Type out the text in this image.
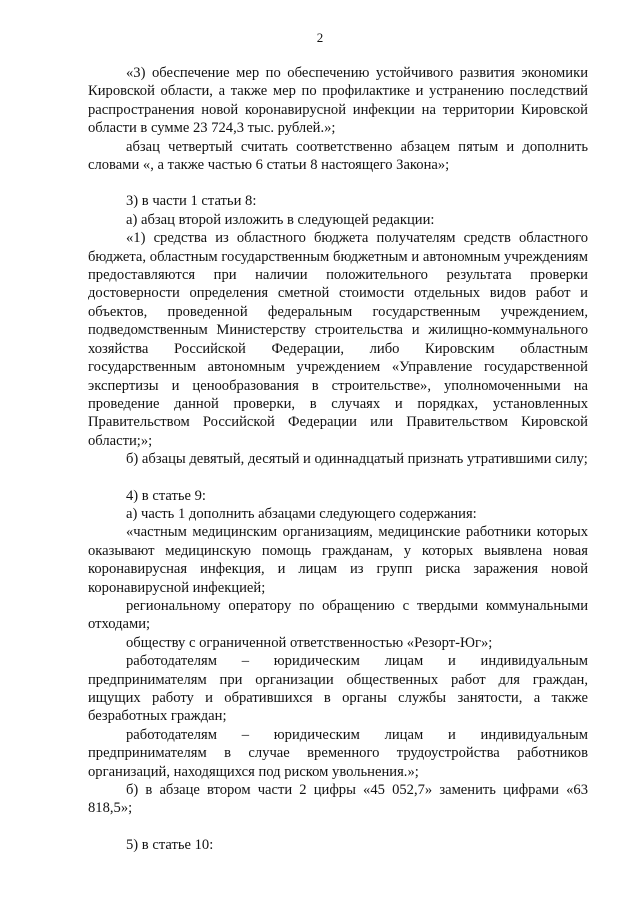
2

«3) обеспечение мер по обеспечению устойчивого развития экономики Кировской области, а также мер по профилактике и устранению последствий распространения новой коронавирусной инфекции на территории Кировской области в сумме 23 724,3 тыс. рублей.»;

абзац четвертый считать соответственно абзацем пятым и дополнить словами «, а также частью 6 статьи 8 настоящего Закона»;

3) в части 1 статьи 8:

а) абзац второй изложить в следующей редакции:

«1) средства из областного бюджета получателям средств областного бюджета, областным государственным бюджетным и автономным учреждениям предоставляются при наличии положительного результата проверки достоверности определения сметной стоимости отдельных видов работ и объектов, проведенной федеральным государственным учреждением, подведомственным Министерству строительства и жилищно-коммунального хозяйства Российской Федерации, либо Кировским областным государственным автономным учреждением «Управление государственной экспертизы и ценообразования в строительстве», уполномоченными на проведение данной проверки, в случаях и порядках, установленных Правительством Российской Федерации или Правительством Кировской области;»;

б) абзацы девятый, десятый и одиннадцатый признать утратившими силу;

4) в статье 9:

а) часть 1 дополнить абзацами следующего содержания:

«частным медицинским организациям, медицинские работники которых оказывают медицинскую помощь гражданам, у которых выявлена новая коронавирусная инфекция, и лицам из групп риска заражения новой коронавирусной инфекцией;

региональному оператору по обращению с твердыми коммунальными отходами;

обществу с ограниченной ответственностью «Резорт-Юг»;

работодателям – юридическим лицам и индивидуальным предпринимателям при организации общественных работ для граждан, ищущих работу и обратившихся в органы службы занятости, а также безработных граждан;

работодателям – юридическим лицам и индивидуальным предпринимателям в случае временного трудоустройства работников организаций, находящихся под риском увольнения.»;

б) в абзаце втором части 2 цифры «45 052,7» заменить цифрами «63 818,5»;

5) в статье 10:
